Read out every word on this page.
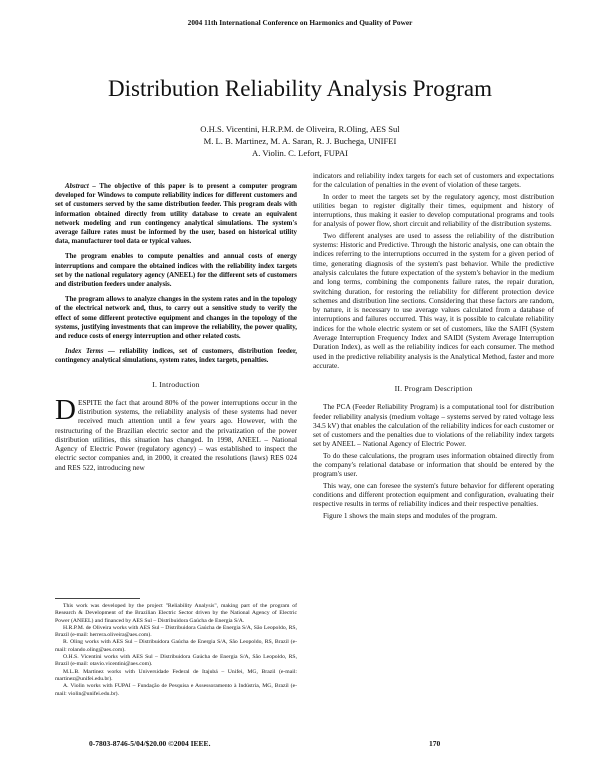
2004 11th International Conference on Harmonics and Quality of Power
Distribution Reliability Analysis Program
O.H.S. Vicentini, H.R.P.M. de Oliveira, R.Oling, AES Sul
M. L. B. Martinez, M. A. Saran, R. J. Buchega, UNIFEI
A. Violin. C. Lefort, FUPAI

Abstract – The objective of this paper is to present a computer program developed for Windows to compute reliability indices for different customers and set of customers served by the same distribution feeder. This program deals with information obtained directly from utility database to create an equivalent network modeling and run contingency analytical simulations. The system's average failure rates must be informed by the user, based on historical utility data, manufacturer tool data or typical values.

The program enables to compute penalties and annual costs of energy interruptions and compare the obtained indices with the reliability index targets set by the national regulatory agency (ANEEL) for the different sets of customers and distribution feeders under analysis.

The program allows to analyze changes in the system rates and in the topology of the electrical network and, thus, to carry out a sensitive study to verify the effect of some different protective equipment and changes in the topology of the systems, justifying investments that can improve the reliability, the power quality, and reduce costs of energy interruption and other related costs.

Index Terms — reliability indices, set of customers, distribution feeder, contingency analytical simulations, system rates, index targets, penalties.

I. Introduction

DESPITE the fact that around 80% of the power interruptions occur in the distribution systems, the reliability analysis of these systems had never received much attention until a few years ago. However, with the restructuring of the Brazilian electric sector and the privatization of the power distribution utilities, this situation has changed. In 1998, ANEEL – National Agency of Electric Power (regulatory agency) – was established to inspect the electric sector companies and, in 2000, it created the resolutions (laws) RES 024 and RES 522, introducing new

This work was developed by the project "Reliability Analysis", making part of the program of Research & Development of the Brazilian Electric Sector driven by the National Agency of Electric Power (ANEEL) and financed by AES Sul – Distribuidora Gaúcha de Energia S/A.

H.R.P.M. de Oliveira works with AES Sul – Distribuidora Gaúcha de Energia S/A, São Leopoldo, RS, Brazil (e-mail: herrera.oliveira@aes.com).

R. Oling works with AES Sul – Distribuidora Gaúcha de Energia S/A, São Leopoldo, RS, Brazil (e-mail: rolando.oling@aes.com).

O.H.S. Vicentini works with AES Sul – Distribuidora Gaúcha de Energia S/A, São Leopoldo, RS, Brazil (e-mail: otavio.vicentini@aes.com).

M.L.B. Martinez works with Universidade Federal de Itajubá – Unifei, MG, Brazil (e-mail: martinez@unifei.edu.br).

A. Violin works with FUPAI – Fundação de Pesquisa e Assessoramento à Indústria, MG, Brazil (e-mail: violin@unifei.edu.br).

indicators and reliability index targets for each set of customers and expectations for the calculation of penalties in the event of violation of these targets.

In order to meet the targets set by the regulatory agency, most distribution utilities began to register digitally their times, equipment and history of interruptions, thus making it easier to develop computational programs and tools for analysis of power flow, short circuit and reliability of the distribution systems.

Two different analyses are used to assess the reliability of the distribution systems: Historic and Predictive. Through the historic analysis, one can obtain the indices referring to the interruptions occurred in the system for a given period of time, generating diagnosis of the system's past behavior. While the predictive analysis calculates the future expectation of the system's behavior in the medium and long terms, combining the components failure rates, the repair duration, switching duration, for restoring the reliability for different protection device schemes and distribution line sections. Considering that these factors are random, by nature, it is necessary to use average values calculated from a database of interruptions and failures occurred. This way, it is possible to calculate reliability indices for the whole electric system or set of customers, like the SAIFI (System Average Interruption Frequency Index and SAIDI (System Average Interruption Duration Index), as well as the reliability indices for each consumer. The method used in the predictive reliability analysis is the Analytical Method, faster and more accurate.

II. Program Description

The PCA (Feeder Reliability Program) is a computational tool for distribution feeder reliability analysis (medium voltage – systems served by rated voltage less 34.5 kV) that enables the calculation of the reliability indices for each customer or set of customers and the penalties due to violations of the reliability index targets set by ANEEL – National Agency of Electric Power.

To do these calculations, the program uses information obtained directly from the company's relational database or information that should be entered by the program's user.

This way, one can foresee the system's future behavior for different operating conditions and different protection equipment and configuration, evaluating their respective results in terms of reliability indices and their respective penalties.

Figure 1 shows the main steps and modules of the program.

0-7803-8746-5/04/$20.00 ©2004 IEEE.	170
